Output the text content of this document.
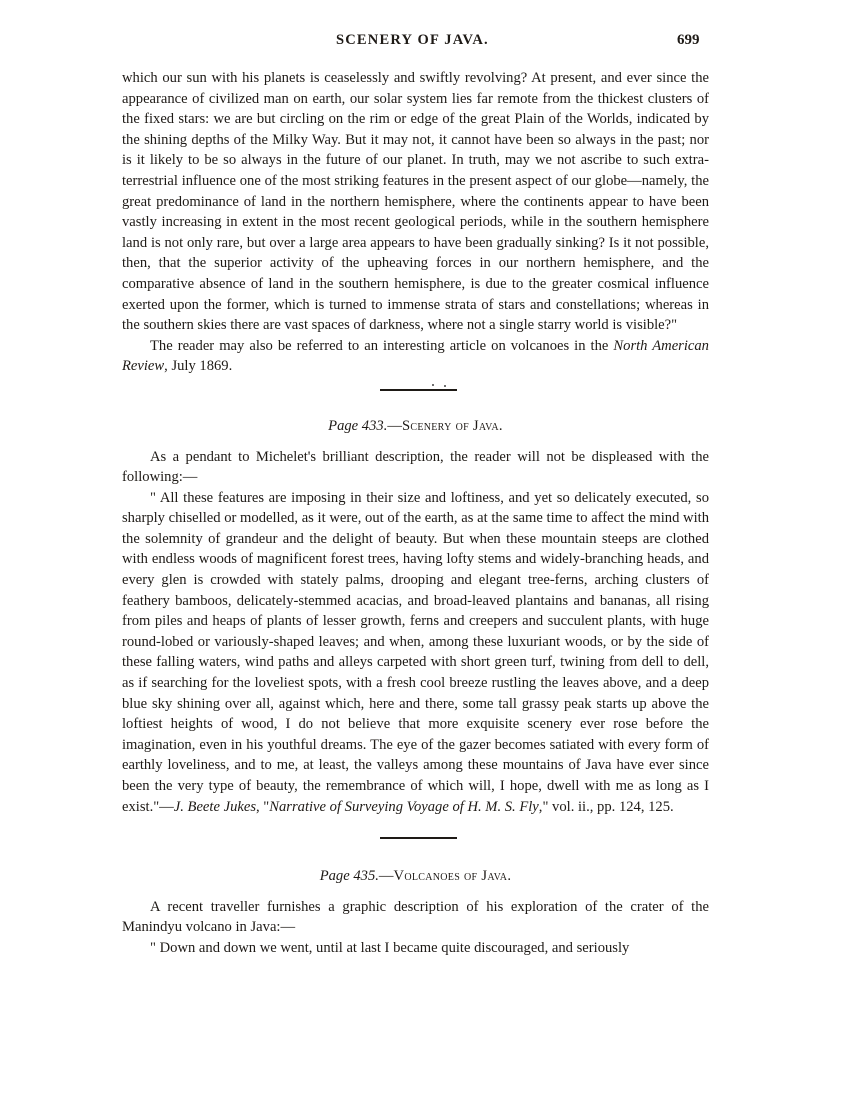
SCENERY OF JAVA.	699

which our sun with his planets is ceaselessly and swiftly revolving? At present, and ever since the appearance of civilized man on earth, our solar system lies far remote from the thickest clusters of the fixed stars: we are but circling on the rim or edge of the great Plain of the Worlds, indicated by the shining depths of the Milky Way. But it may not, it cannot have been so always in the past; nor is it likely to be so always in the future of our planet. In truth, may we not ascribe to such extra-terrestrial influence one of the most striking features in the present aspect of our globe—namely, the great predominance of land in the northern hemisphere, where the continents appear to have been vastly increasing in extent in the most recent geological periods, while in the southern hemisphere land is not only rare, but over a large area appears to have been gradually sinking? Is it not possible, then, that the superior activity of the upheaving forces in our northern hemisphere, and the comparative absence of land in the southern hemisphere, is due to the greater cosmical influence exerted upon the former, which is turned to immense strata of stars and constellations; whereas in the southern skies there are vast spaces of darkness, where not a single starry world is visible?"

The reader may also be referred to an interesting article on volcanoes in the North American Review, July 1869.

Page 433.—Scenery of Java.

As a pendant to Michelet's brilliant description, the reader will not be displeased with the following:—

" All these features are imposing in their size and loftiness, and yet so delicately executed, so sharply chiselled or modelled, as it were, out of the earth, as at the same time to affect the mind with the solemnity of grandeur and the delight of beauty. But when these mountain steeps are clothed with endless woods of magnificent forest trees, having lofty stems and widely-branching heads, and every glen is crowded with stately palms, drooping and elegant tree-ferns, arching clusters of feathery bamboos, delicately-stemmed acacias, and broad-leaved plantains and bananas, all rising from piles and heaps of plants of lesser growth, ferns and creepers and succulent plants, with huge round-lobed or variously-shaped leaves; and when, among these luxuriant woods, or by the side of these falling waters, wind paths and alleys carpeted with short green turf, twining from dell to dell, as if searching for the loveliest spots, with a fresh cool breeze rustling the leaves above, and a deep blue sky shining over all, against which, here and there, some tall grassy peak starts up above the loftiest heights of wood, I do not believe that more exquisite scenery ever rose before the imagination, even in his youthful dreams. The eye of the gazer becomes satiated with every form of earthly loveliness, and to me, at least, the valleys among these mountains of Java have ever since been the very type of beauty, the remembrance of which will, I hope, dwell with me as long as I exist."—J. Beete Jukes, "Narrative of Surveying Voyage of H. M. S. Fly," vol. ii., pp. 124, 125.

Page 435.—Volcanoes of Java.

A recent traveller furnishes a graphic description of his exploration of the crater of the Manindyu volcano in Java:—

" Down and down we went, until at last I became quite discouraged, and seriously
